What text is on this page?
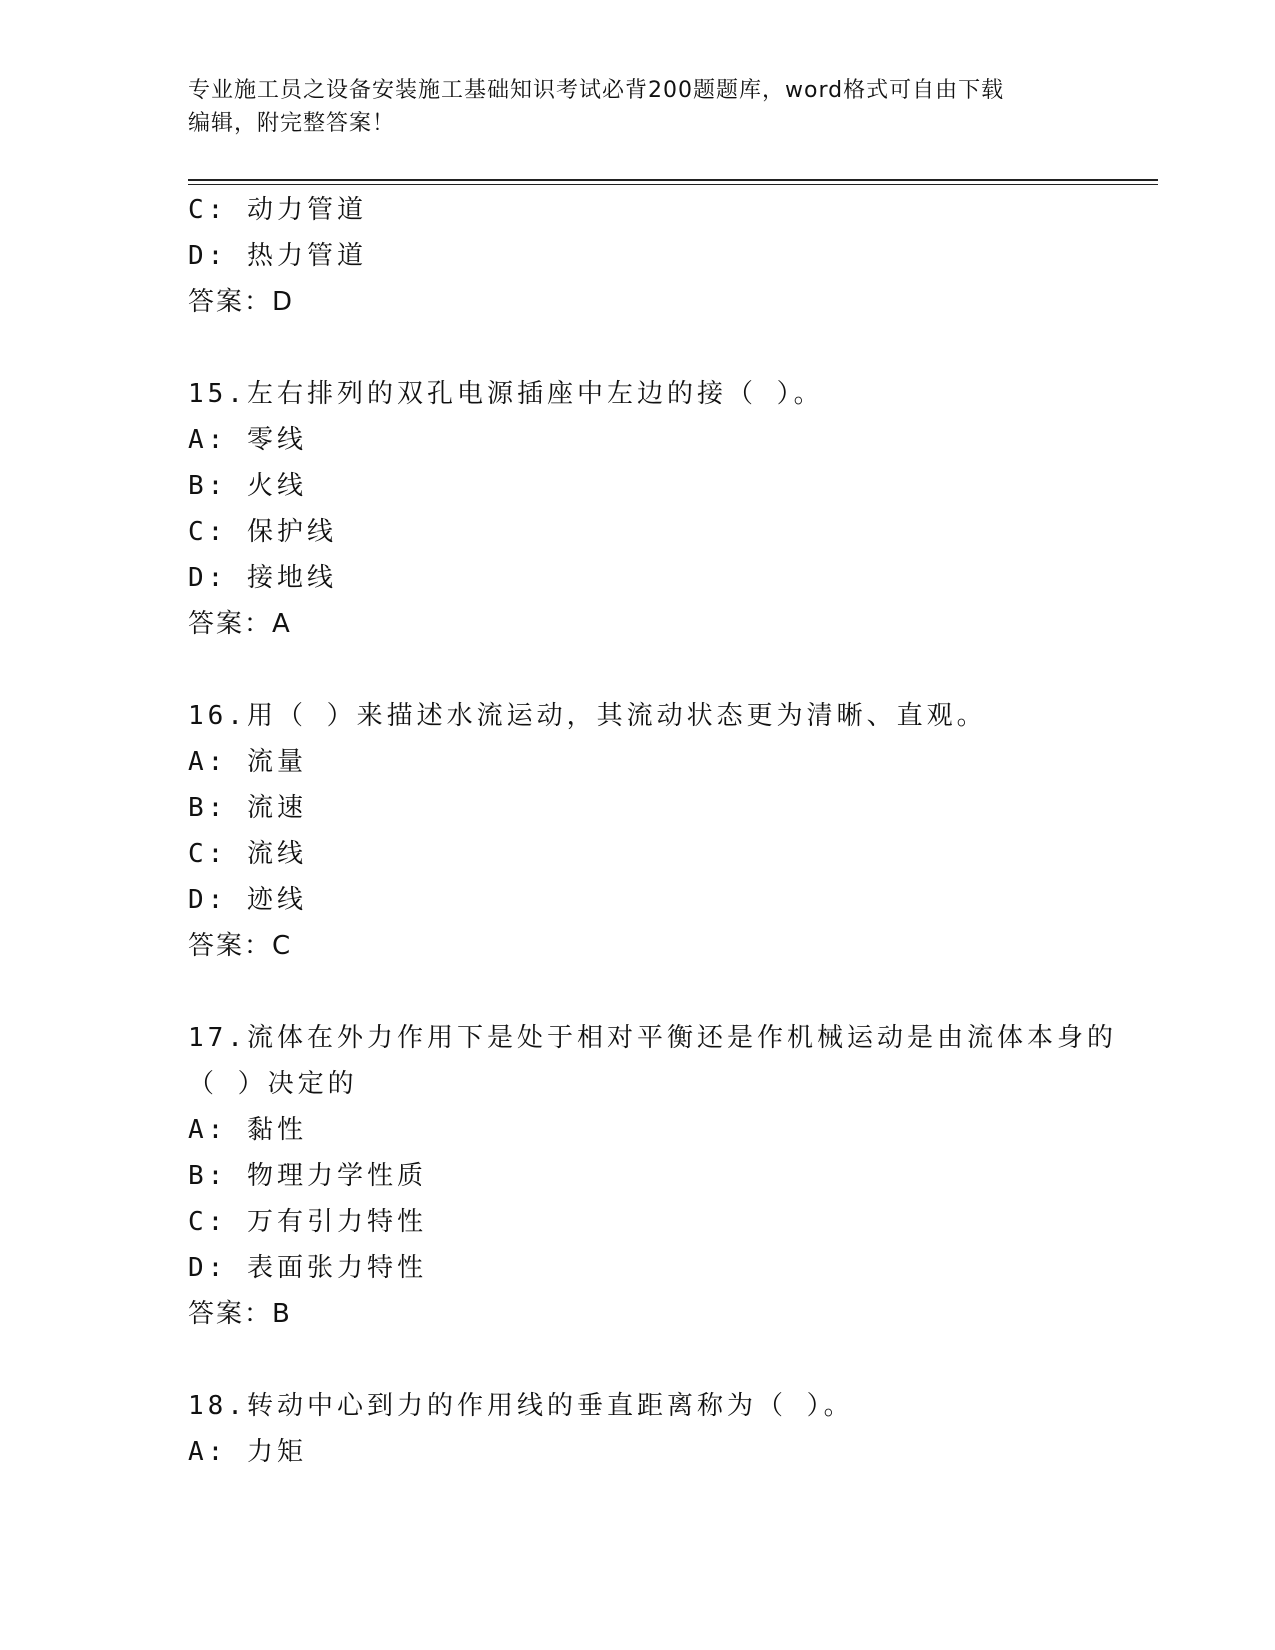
专业施工员之设备安装施工基础知识考试必背200题题库，word格式可自由下载
编辑，附完整答案！
C: 动力管道
D: 热力管道
答案：D
15.左右排列的双孔电源插座中左边的接（ ）。
A: 零线
B: 火线
C: 保护线
D: 接地线
答案：A
16.用（ ）来描述水流运动，其流动状态更为清晰、直观。
A: 流量
B: 流速
C: 流线
D: 迹线
答案：C
17.流体在外力作用下是处于相对平衡还是作机械运动是由流体本身的
（ ）决定的
A: 黏性
B: 物理力学性质
C: 万有引力特性
D: 表面张力特性
答案：B
18.转动中心到力的作用线的垂直距离称为（ ）。
A: 力矩
